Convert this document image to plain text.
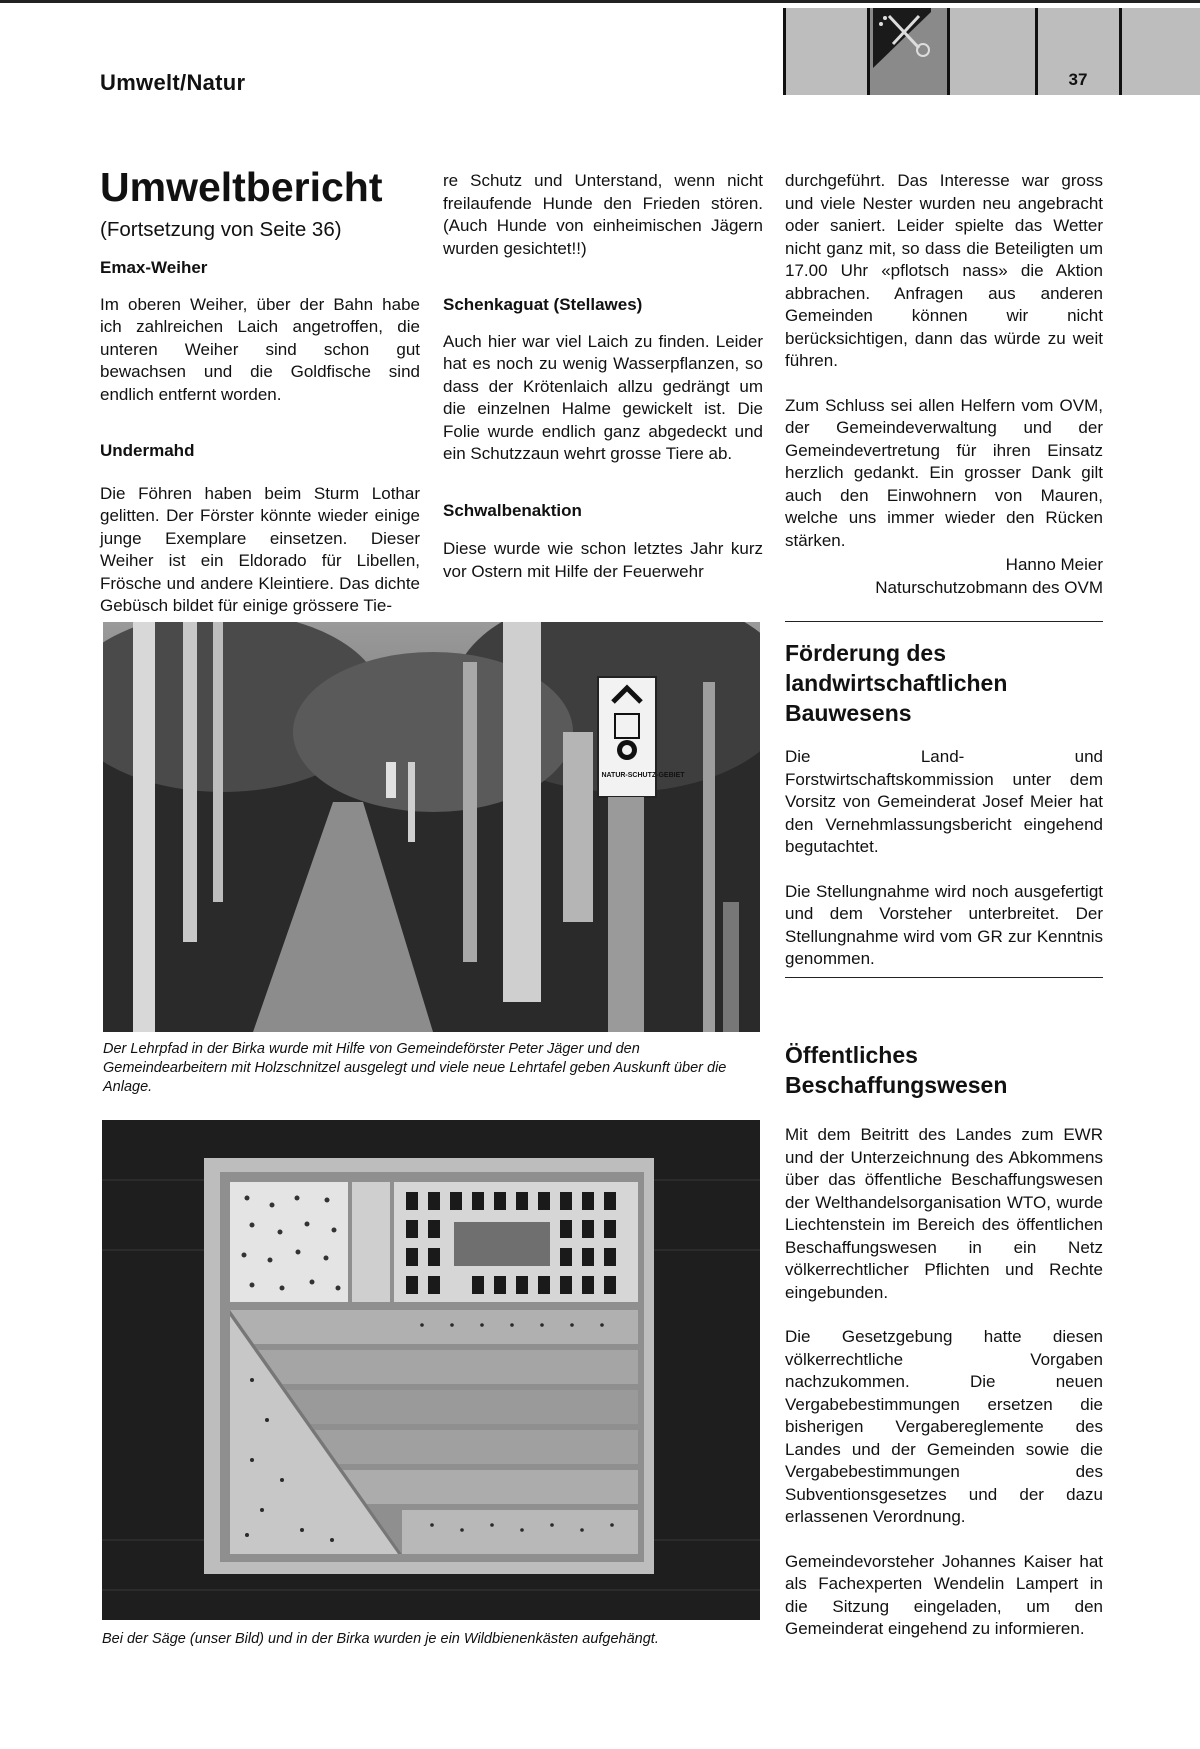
Umwelt/Natur	37
Umweltbericht
(Fortsetzung von Seite 36)
Emax-Weiher

Im oberen Weiher, über der Bahn habe ich zahlreichen Laich angetroffen, die unteren Weiher sind schon gut bewachsen und die Goldfische sind endlich entfernt worden.

Undermahd

Die Föhren haben beim Sturm Lothar gelitten. Der Förster könnte wieder einige junge Exemplare einsetzen. Dieser Weiher ist ein Eldorado für Libellen, Frösche und andere Kleintiere. Das dichte Gebüsch bildet für einige grössere Tie-

re Schutz und Unterstand, wenn nicht freilaufende Hunde den Frieden stören. (Auch Hunde von einheimischen Jägern wurden gesichtet!!)

Schenkaguat (Stellawes)

Auch hier war viel Laich zu finden. Leider hat es noch zu wenig Wasserpflanzen, so dass der Krötenlaich allzu gedrängt um die einzelnen Halme gewickelt ist. Die Folie wurde endlich ganz abgedeckt und ein Schutzzaun wehrt grosse Tiere ab.

Schwalbenaktion

Diese wurde wie schon letztes Jahr kurz vor Ostern mit Hilfe der Feuerwehr

durchgeführt. Das Interesse war gross und viele Nester wurden neu angebracht oder saniert. Leider spielte das Wetter nicht ganz mit, so dass die Beteiligten um 17.00 Uhr «pflotsch nass» die Aktion abbrachen. Anfragen aus anderen Gemeinden können wir nicht berücksichtigen, dann das würde zu weit führen.

Zum Schluss sei allen Helfern vom OVM, der Gemeindeverwaltung und der Gemeindevertretung für ihren Einsatz herzlich gedankt. Ein grosser Dank gilt auch den Einwohnern von Mauren, welche uns immer wieder den Rücken stärken.

Hanno Meier

Naturschutzobmann des OVM

NATUR-SCHUTZ-GEBIET
Der Lehrpfad in der Birka wurde mit Hilfe von Gemeindeförster Peter Jäger und den Gemeindearbeitern mit Holzschnitzel ausgelegt und viele neue Lehrtafel geben Auskunft über die Anlage.
Bei der Säge (unser Bild) und in der Birka wurden je ein Wildbienenkästen aufgehängt.
Förderung des landwirtschaftlichen Bauwesens

Die Land- und Forstwirtschaftskommission unter dem Vorsitz von Gemeinderat Josef Meier hat den Vernehmlassungsbericht eingehend begutachtet.

Die Stellungnahme wird noch ausgefertigt und dem Vorsteher unterbreitet. Der Stellungnahme wird vom GR zur Kenntnis genommen.

Öffentliches Beschaffungswesen

Mit dem Beitritt des Landes zum EWR und der Unterzeichnung des Abkommens über das öffentliche Beschaffungswesen der Welthandelsorganisation WTO, wurde Liechtenstein im Bereich des öffentlichen Beschaffungswesen in ein Netz völkerrechtlicher Pflichten und Rechte eingebunden.

Die Gesetzgebung hatte diesen völkerrechtliche Vorgaben nachzukommen. Die neuen Vergabebestimmungen ersetzen die bisherigen Vergabereglemente des Landes und der Gemeinden sowie die Vergabebestimmungen des Subventionsgesetzes und der dazu erlassenen Verordnung.

Gemeindevorsteher Johannes Kaiser hat als Fachexperten Wendelin Lampert in die Sitzung eingeladen, um den Gemeinderat eingehend zu informieren.
